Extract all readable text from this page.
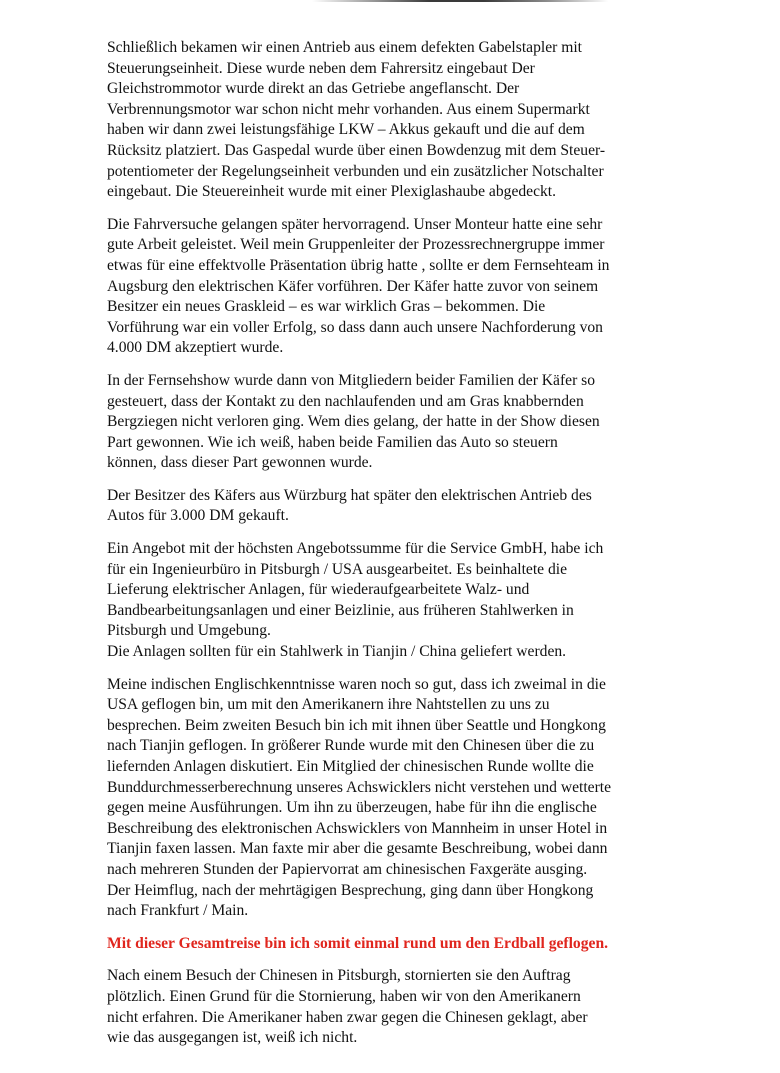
Schließlich bekamen wir einen Antrieb aus einem defekten Gabelstapler mit
Steuerungseinheit. Diese wurde neben dem Fahrersitz eingebaut Der
Gleichstrommotor wurde direkt an das Getriebe angeflanscht. Der
Verbrennungsmotor war schon nicht mehr vorhanden. Aus einem Supermarkt
haben wir dann zwei leistungsfähige LKW – Akkus gekauft und die auf dem
Rücksitz platziert. Das Gaspedal wurde über einen Bowdenzug mit dem Steuer-
potentiometer der Regelungseinheit verbunden und ein zusätzlicher Notschalter
eingebaut. Die Steuereinheit wurde mit einer Plexiglashaube abgedeckt.
Die Fahrversuche gelangen später hervorragend. Unser Monteur hatte eine sehr
gute Arbeit geleistet. Weil mein Gruppenleiter der Prozessrechnergruppe immer
etwas für eine effektvolle Präsentation übrig hatte , sollte er dem Fernsehteam in
Augsburg den elektrischen Käfer vorführen. Der Käfer hatte zuvor von seinem
Besitzer ein neues Graskleid – es war wirklich Gras – bekommen. Die
Vorführung war ein voller Erfolg, so dass dann auch unsere Nachforderung von
4.000 DM akzeptiert wurde.
In der Fernsehshow wurde dann von Mitgliedern beider Familien der Käfer so
gesteuert, dass der Kontakt zu den nachlaufenden und am Gras knabbernden
Bergziegen nicht verloren ging. Wem dies gelang, der hatte in der Show diesen
Part gewonnen. Wie ich weiß, haben beide Familien das Auto so steuern
können, dass dieser Part gewonnen wurde.
Der Besitzer des Käfers aus Würzburg hat später den elektrischen Antrieb des
Autos für 3.000 DM gekauft.
Ein Angebot mit der höchsten Angebotssumme für die Service GmbH, habe ich
für ein Ingenieurbüro in Pitsburgh / USA ausgearbeitet. Es beinhaltete die
Lieferung elektrischer Anlagen, für wiederaufgearbeitete Walz- und
Bandbearbeitungsanlagen und einer Beizlinie, aus früheren Stahlwerken in
Pitsburgh und Umgebung.
Die Anlagen sollten für ein Stahlwerk in Tianjin / China geliefert werden.
Meine indischen Englischkenntnisse waren noch so gut, dass ich zweimal in die
USA geflogen bin, um mit den Amerikanern ihre Nahtstellen zu uns zu
besprechen. Beim zweiten Besuch bin ich mit ihnen über Seattle und Hongkong
nach Tianjin geflogen. In größerer Runde wurde mit den Chinesen über die zu
liefernden Anlagen diskutiert. Ein Mitglied der chinesischen Runde wollte die
Bunddurchmesserberechnung unseres Achswicklers nicht verstehen und wetterte
gegen meine Ausführungen. Um ihn zu überzeugen, habe für ihn die englische
Beschreibung des elektronischen Achswicklers von Mannheim in unser Hotel in
Tianjin faxen lassen. Man faxte mir aber die gesamte Beschreibung, wobei dann
nach mehreren Stunden der Papiervorrat am chinesischen Faxgeräte ausging.
Der Heimflug, nach der mehrtägigen Besprechung, ging dann über Hongkong
nach Frankfurt / Main.
Mit dieser Gesamtreise bin ich somit einmal rund um den Erdball geflogen.
Nach einem Besuch der Chinesen in Pitsburgh, stornierten sie den Auftrag
plötzlich. Einen Grund für die Stornierung, haben wir von den Amerikanern
nicht erfahren. Die Amerikaner haben zwar gegen die Chinesen geklagt, aber
wie das ausgegangen ist, weiß ich nicht.
